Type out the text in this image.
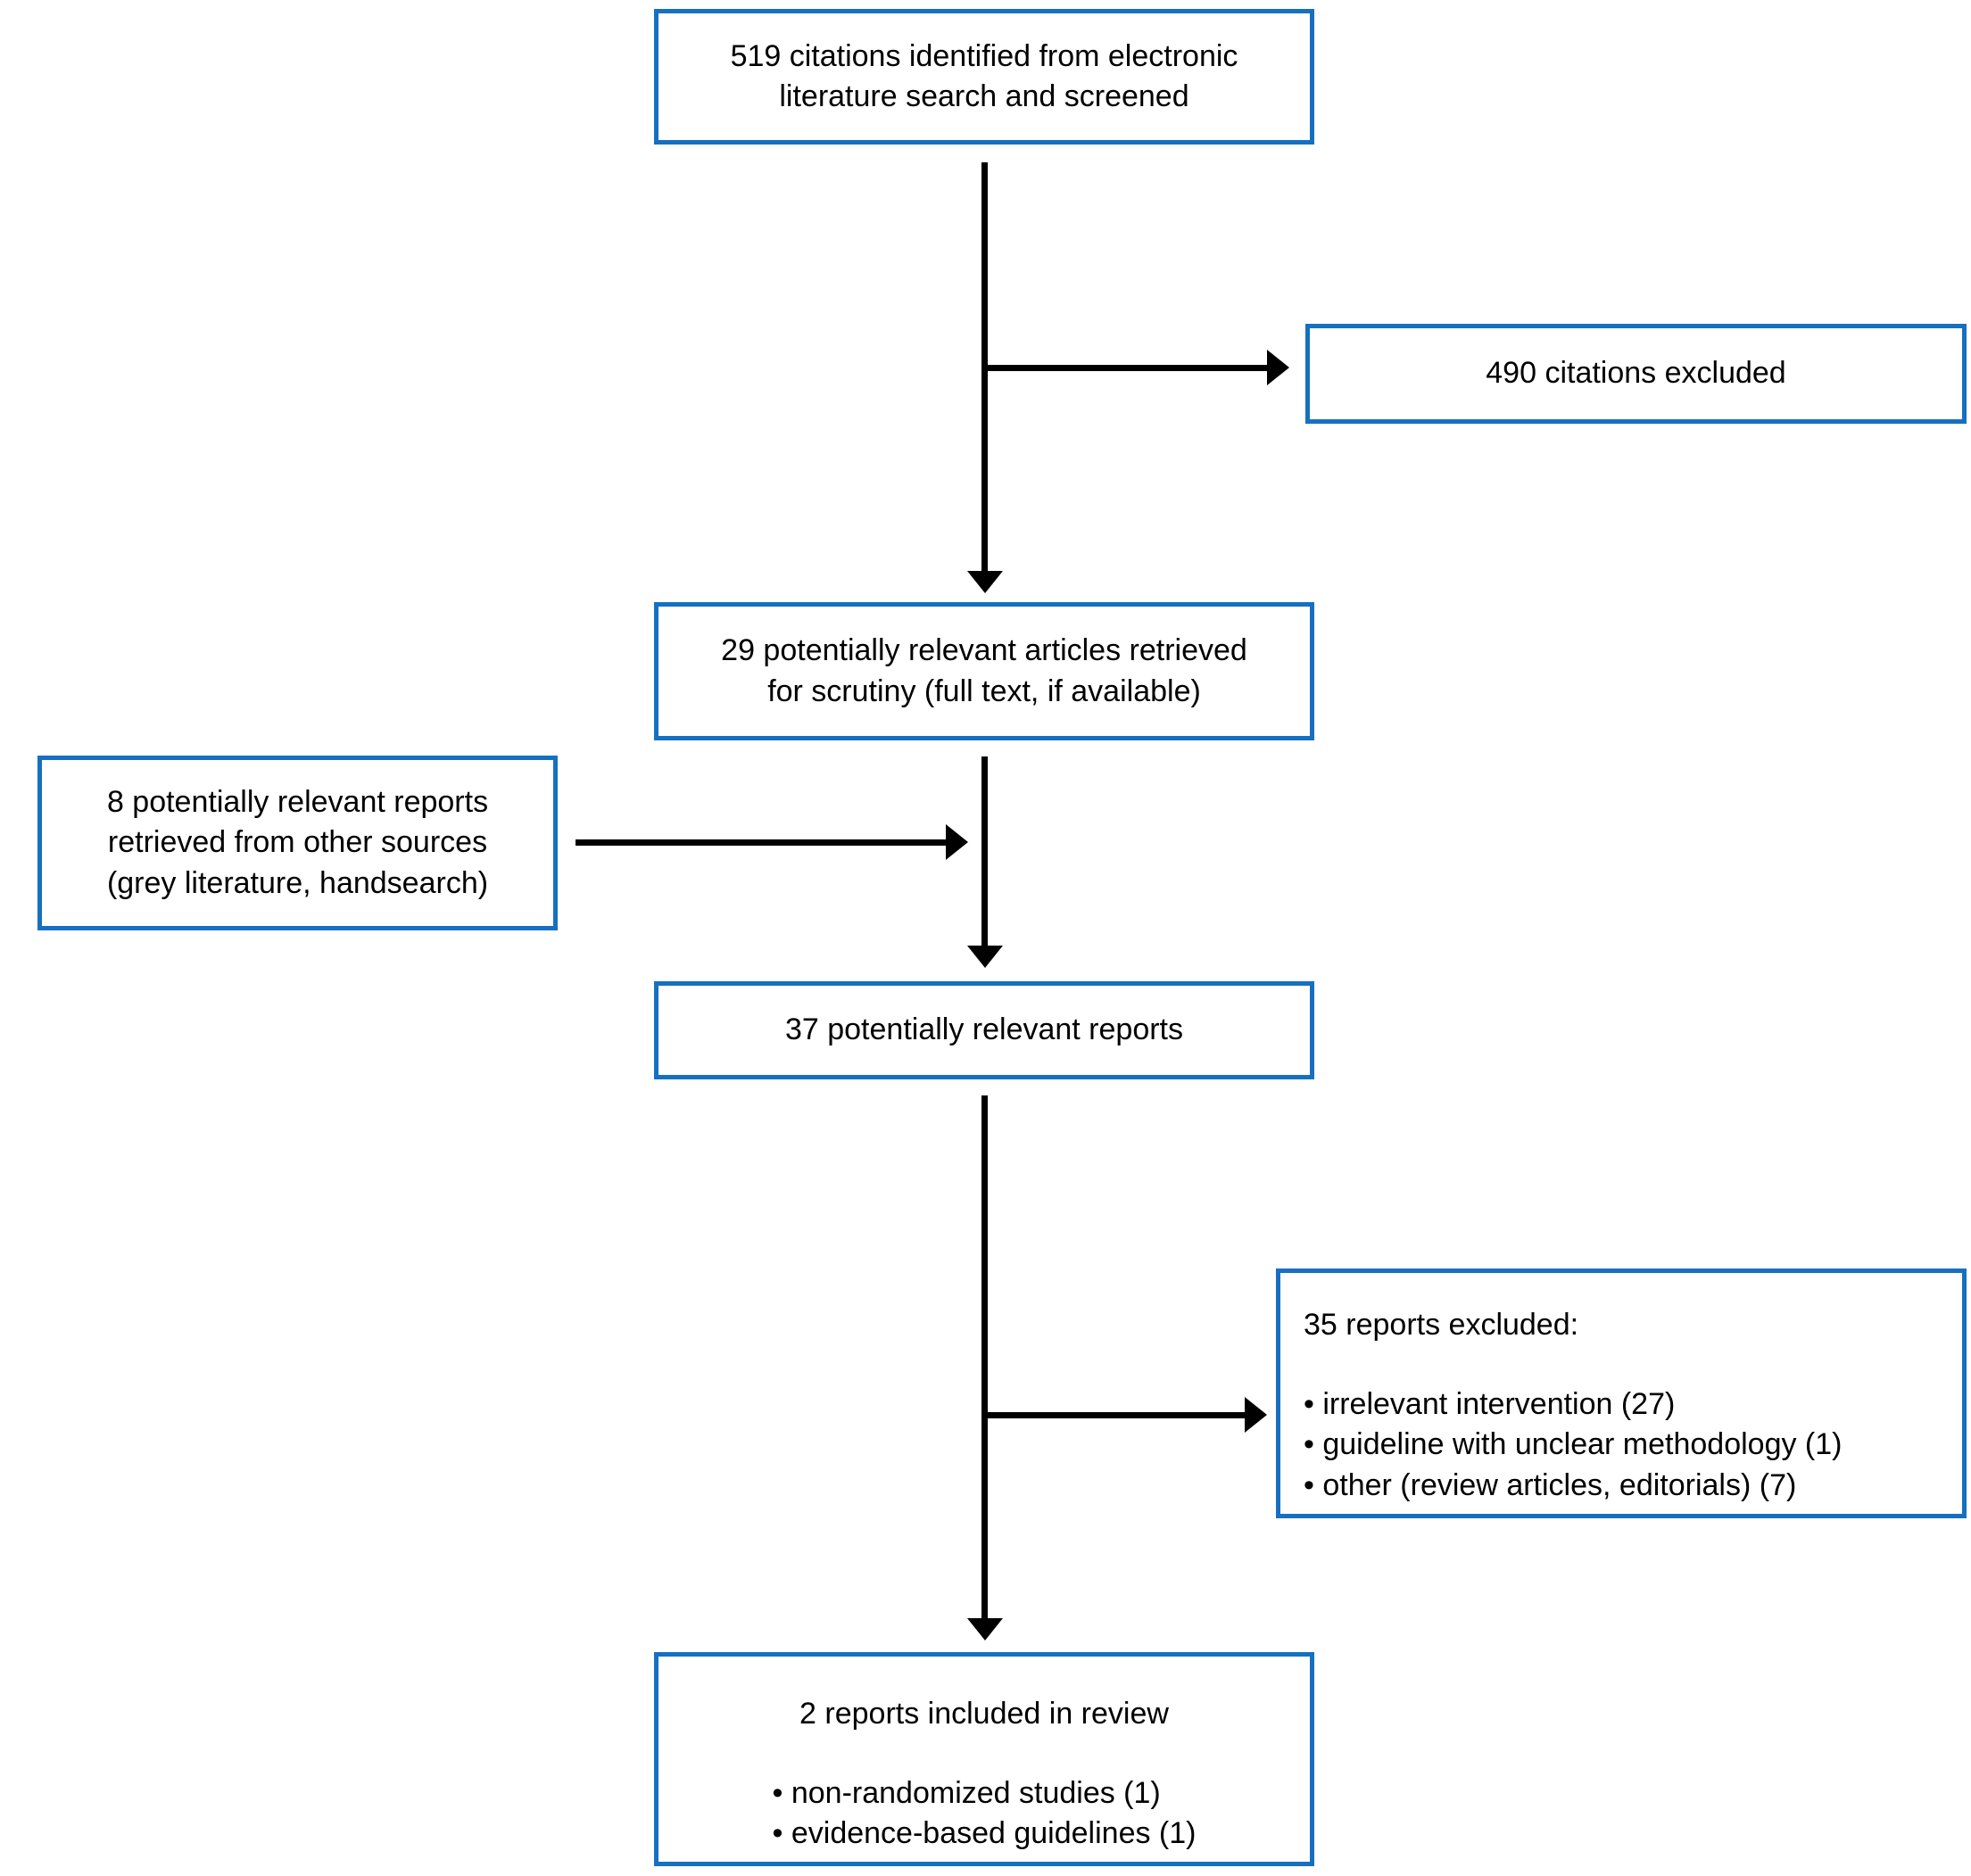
519 citations identified from electronic
literature search and screened
490 citations excluded
29 potentially relevant articles retrieved
for scrutiny (full text, if available)
8 potentially relevant reports
retrieved from other sources
(grey literature, handsearch)
37 potentially relevant reports
35 reports excluded:
• irrelevant intervention (27)
• guideline with unclear methodology (1)
• other (review articles, editorials) (7)
2 reports included in review
• non-randomized studies (1)
• evidence-based guidelines (1)
